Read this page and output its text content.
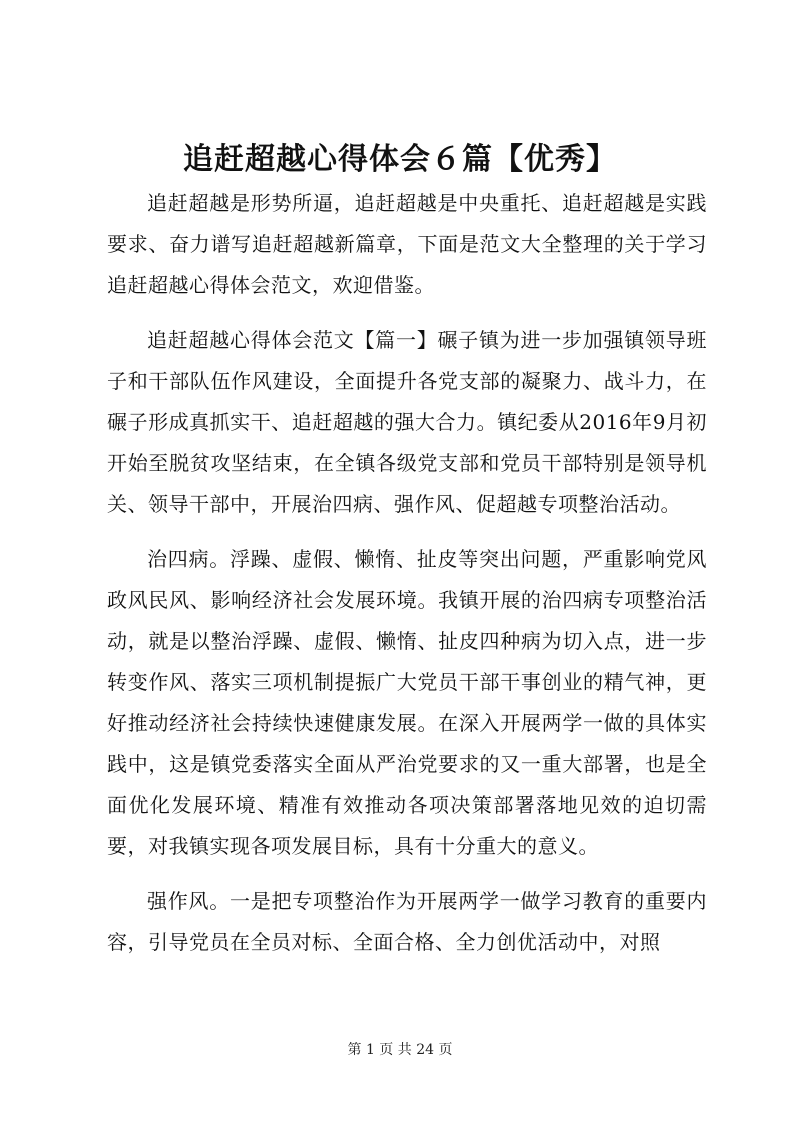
追赶超越心得体会６篇【优秀】

追赶超越是形势所逼，追赶超越是中央重托、追赶超越是实践要求、奋力谱写追赶超越新篇章，下面是范文大全整理的关于学习追赶超越心得体会范文，欢迎借鉴。

追赶超越心得体会范文【篇一】碾子镇为进一步加强镇领导班子和干部队伍作风建设，全面提升各党支部的凝聚力、战斗力，在碾子形成真抓实干、追赶超越的强大合力。镇纪委从2016年9月初开始至脱贫攻坚结束，在全镇各级党支部和党员干部特别是领导机关、领导干部中，开展治四病、强作风、促超越专项整治活动。

治四病。浮躁、虚假、懒惰、扯皮等突出问题，严重影响党风政风民风、影响经济社会发展环境。我镇开展的治四病专项整治活动，就是以整治浮躁、虚假、懒惰、扯皮四种病为切入点，进一步转变作风、落实三项机制提振广大党员干部干事创业的精气神，更好推动经济社会持续快速健康发展。在深入开展两学一做的具体实践中，这是镇党委落实全面从严治党要求的又一重大部署，也是全面优化发展环境、精准有效推动各项决策部署落地见效的迫切需要，对我镇实现各项发展目标，具有十分重大的意义。

强作风。一是把专项整治作为开展两学一做学习教育的重要内容，引导党员在全员对标、全面合格、全力创优活动中，对照

第 1 页 共 24 页
